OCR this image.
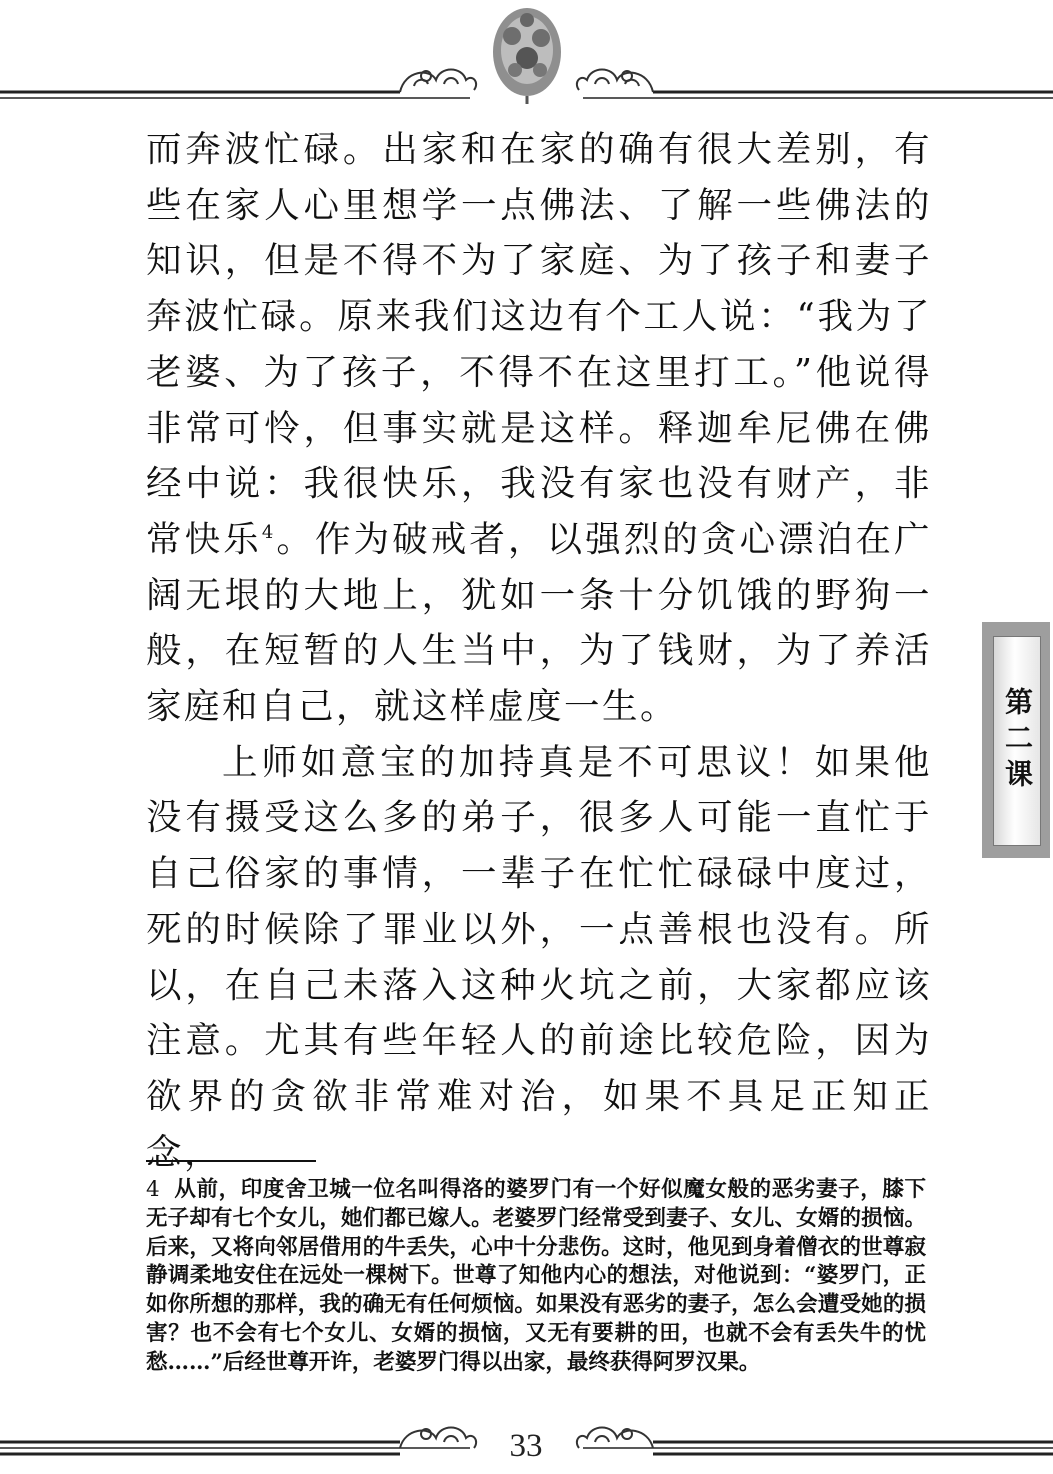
而奔波忙碌。出家和在家的确有很大差别，有些在家人心里想学一点佛法、了解一些佛法的知识，但是不得不为了家庭、为了孩子和妻子奔波忙碌。原来我们这边有个工人说：“我为了老婆、为了孩子，不得不在这里打工。”他说得非常可怜，但事实就是这样。释迦牟尼佛在佛经中说：我很快乐，我没有家也没有财产，非常快乐$^4$。作为破戒者，以强烈的贪心漂泊在广阔无垠的大地上，犹如一条十分饥饿的野狗一般，在短暂的人生当中，为了钱财，为了养活家庭和自己，就这样虚度一生。

上师如意宝的加持真是不可思议！如果他没有摄受这么多的弟子，很多人可能一直忙于自己俗家的事情，一辈子在忙忙碌碌中度过，死的时候除了罪业以外，一点善根也没有。所以，在自己未落入这种火坑之前，大家都应该注意。尤其有些年轻人的前途比较危险，因为欲界的贪欲非常难对治，如果不具足正知正念，

4 从前，印度舍卫城一位名叫得洛的婆罗门有一个好似魔女般的恶劣妻子，膝下无子却有七个女儿，她们都已嫁人。老婆罗门经常受到妻子、女儿、女婿的损恼。后来，又将向邻居借用的牛丢失，心中十分悲伤。这时，他见到身着僧衣的世尊寂静调柔地安住在远处一棵树下。世尊了知他内心的想法，对他说到：“婆罗门，正如你所想的那样，我的确无有任何烦恼。如果没有恶劣的妻子，怎么会遭受她的损害？也不会有七个女儿、女婿的损恼，又无有要耕的田，也就不会有丢失牛的忧愁……”后经世尊开许，老婆罗门得以出家，最终获得阿罗汉果。
第二课
33
